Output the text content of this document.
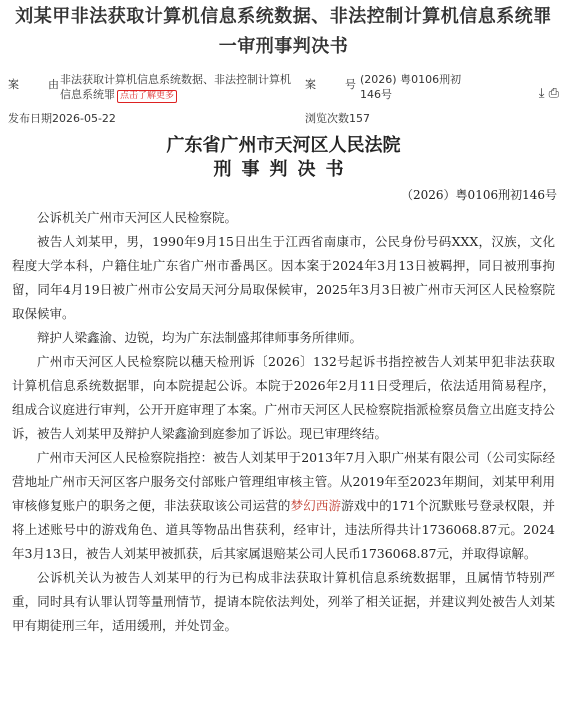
刘某甲非法获取计算机信息系统数据、非法控制计算机信息系统罪
一审刑事判决书
案	由 非法获取计算机信息系统数据、非法控制计算机信息系统罪 点击了解更多
案	号 (2026) 粤0106刑初146号	⤓ ⎙
发布日期2026-05-22	浏览次数157
广东省广州市天河区人民法院
刑事判决书
（2026）粤0106刑初146号

公诉机关广州市天河区人民检察院。

被告人刘某甲，男，1990年9月15日出生于江西省南康市，公民身份号码XXX，汉族，文化程度大学本科，户籍住址广东省广州市番禺区。因本案于2024年3月13日被羁押，同日被刑事拘留，同年4月19日被广州市公安局天河分局取保候审，2025年3月3日被广州市天河区人民检察院取保候审。

辩护人梁鑫渝、边锐，均为广东法制盛邦律师事务所律师。

广州市天河区人民检察院以穗天检刑诉〔2026〕132号起诉书指控被告人刘某甲犯非法获取计算机信息系统数据罪，向本院提起公诉。本院于2026年2月11日受理后，依法适用简易程序，组成合议庭进行审判，公开开庭审理了本案。广州市天河区人民检察院指派检察员詹立出庭支持公诉，被告人刘某甲及辩护人梁鑫渝到庭参加了诉讼。现已审理终结。

广州市天河区人民检察院指控：被告人刘某甲于2013年7月入职广州某有限公司（公司实际经营地址广州市天河区客户服务交付部账户管理组审核主管。从2019年至2023年期间，刘某甲利用审核修复账户的职务之便，非法获取该公司运营的梦幻西游游戏中的171个沉默账号登录权限，并将上述账号中的游戏角色、道具等物品出售获利，经审计，违法所得共计1736068.87元。2024年3月13日，被告人刘某甲被抓获，后其家属退赔某公司人民币1736068.87元，并取得谅解。

公诉机关认为被告人刘某甲的行为已构成非法获取计算机信息系统数据罪，且属情节特别严重，同时具有认罪认罚等量刑情节，提请本院依法判处，列举了相关证据，并建议判处被告人刘某甲有期徒刑三年，适用缓刑，并处罚金。
